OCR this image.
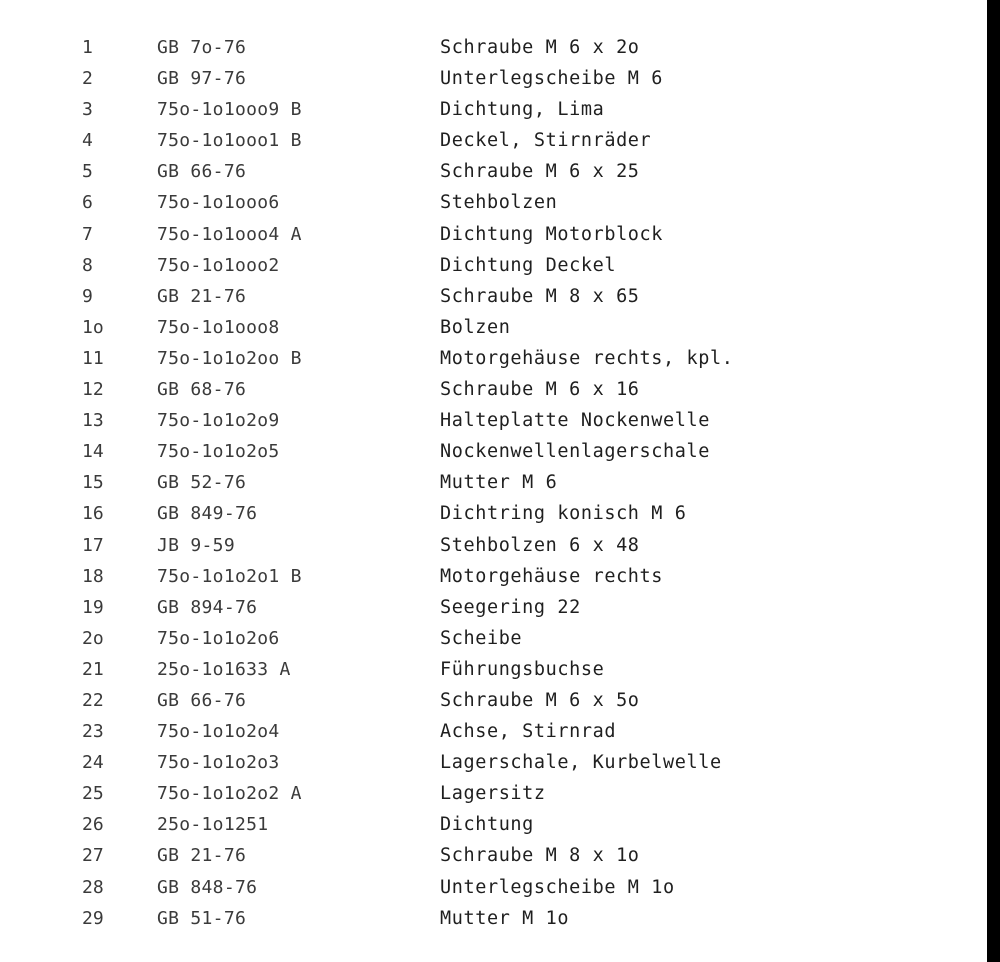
1	GB 7o-76	Schraube M 6 x 2o
2	GB 97-76	Unterlegscheibe M 6
3	75o-1o1ooo9 B	Dichtung, Lima
4	75o-1o1ooo1 B	Deckel, Stirnräder
5	GB 66-76	Schraube M 6 x 25
6	75o-1o1ooo6	Stehbolzen
7	75o-1o1ooo4 A	Dichtung Motorblock
8	75o-1o1ooo2	Dichtung Deckel
9	GB 21-76	Schraube M 8 x 65
1o	75o-1o1ooo8	Bolzen
11	75o-1o1o2oo B	Motorgehäuse rechts, kpl.
12	GB 68-76	Schraube M 6 x 16
13	75o-1o1o2o9	Halteplatte Nockenwelle
14	75o-1o1o2o5	Nockenwellenlagerschale
15	GB 52-76	Mutter M 6
16	GB 849-76	Dichtring konisch M 6
17	JB 9-59	Stehbolzen 6 x 48
18	75o-1o1o2o1 B	Motorgehäuse rechts
19	GB 894-76	Seegering 22
2o	75o-1o1o2o6	Scheibe
21	25o-1o1633 A	Führungsbuchse
22	GB 66-76	Schraube M 6 x 5o
23	75o-1o1o2o4	Achse, Stirnrad
24	75o-1o1o2o3	Lagerschale, Kurbelwelle
25	75o-1o1o2o2 A	Lagersitz
26	25o-1o1251	Dichtung
27	GB 21-76	Schraube M 8 x 1o
28	GB 848-76	Unterlegscheibe M 1o
29	GB 51-76	Mutter M 1o
